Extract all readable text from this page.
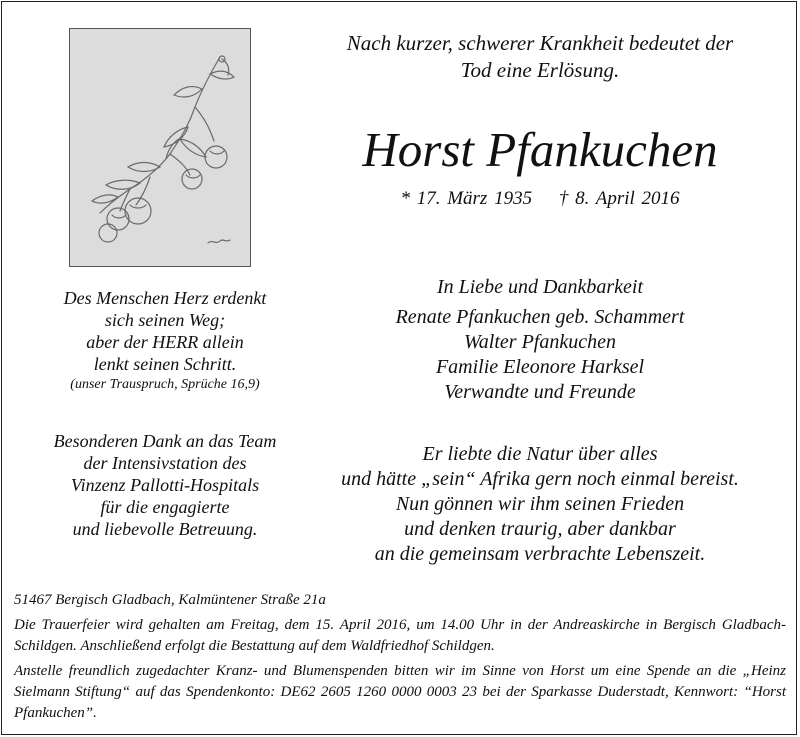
Nach kurzer, schwerer Krankheit bedeutet der
Tod eine Erlösung.
Horst Pfankuchen
* 17. März 1935 † 8. April 2016
In Liebe und Dankbarkeit
Renate Pfankuchen geb. Schammert
Walter Pfankuchen
Familie Eleonore Harksel
Verwandte und Freunde
Des Menschen Herz erdenkt
sich seinen Weg;
aber der HERR allein
lenkt seinen Schritt.
(unser Trauspruch, Sprüche 16,9)
Besonderen Dank an das Team
der Intensivstation des
Vinzenz Pallotti-Hospitals
für die engagierte
und liebevolle Betreuung.
Er liebte die Natur über alles
und hätte „sein“ Afrika gern noch einmal bereist.
Nun gönnen wir ihm seinen Frieden
und denken traurig, aber dankbar
an die gemeinsam verbrachte Lebenszeit.

51467 Bergisch Gladbach, Kalmüntener Straße 21a

Die Trauerfeier wird gehalten am Freitag, dem 15. April 2016, um 14.00 Uhr in der Andreaskirche in Bergisch Gladbach-Schildgen. Anschließend erfolgt die Bestattung auf dem Waldfriedhof Schildgen.

Anstelle freundlich zugedachter Kranz- und Blumenspenden bitten wir im Sinne von Horst um eine Spende an die „Heinz Sielmann Stiftung“ auf das Spendenkonto: DE62 2605 1260 0000 0003 23 bei der Sparkasse Duderstadt, Kennwort: “Horst Pfankuchen”.
